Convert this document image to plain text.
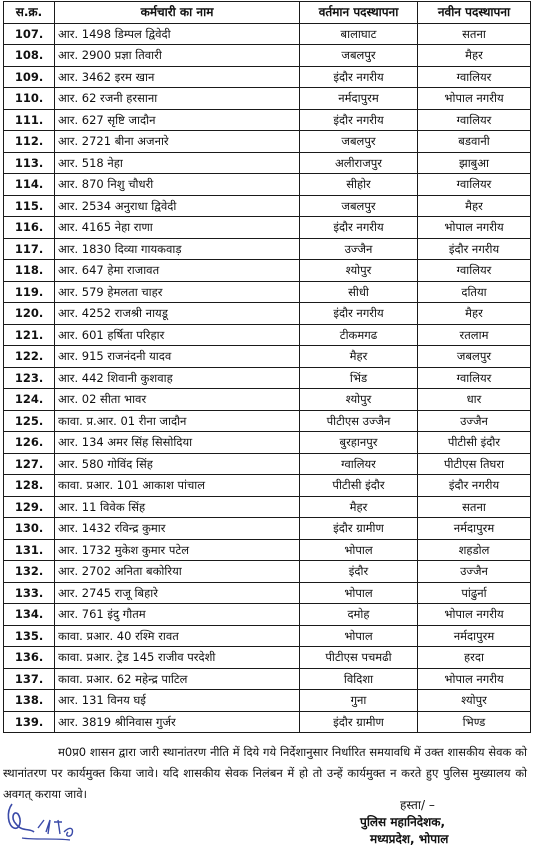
स.क्र.	कर्मचारी का नाम	वर्तमान पदस्थापना	नवीन पदस्थापना
107.	आर. 1498 डिम्पल द्विवेदी	बालाघाट	सतना
108.	आर. 2900 प्रज्ञा तिवारी	जबलपुर	मैहर
109.	आर. 3462 इरम खान	इंदौर नगरीय	ग्वालियर
110.	आर. 62 रजनी हरसाना	नर्मदापुरम	भोपाल नगरीय
111.	आर. 627 सृष्टि जादौन	इंदौर नगरीय	ग्वालियर
112.	आर. 2721 बीना अजनारे	जबलपुर	बडवानी
113.	आर. 518 नेहा	अलीराजपुर	झाबुआ
114.	आर. 870 निशु चौधरी	सीहोर	ग्वालियर
115.	आर. 2534 अनुराधा द्विवेदी	जबलपुर	मैहर
116.	आर. 4165 नेहा राणा	इंदौर नगरीय	भोपाल नगरीय
117.	आर. 1830 दिव्या गायकवाड़	उज्जैन	इंदौर नगरीय
118.	आर. 647 हेमा राजावत	श्योपुर	ग्वालियर
119.	आर. 579 हेमलता चाहर	सीधी	दतिया
120.	आर. 4252 राजश्री नायडू	इंदौर नगरीय	मैहर
121.	आर. 601 हर्षिता परिहार	टीकमगढ	रतलाम
122.	आर. 915 राजनंदनी यादव	मैहर	जबलपुर
123.	आर. 442 शिवानी कुशवाह	भिंड	ग्वालियर
124.	आर. 02 सीता भावर	श्योपुर	धार
125.	कावा. प्र.आर. 01 रीना जादौन	पीटीएस उज्जैन	उज्जैन
126.	आर. 134 अमर सिंह सिसोदिया	बुरहानपुर	पीटीसी इंदौर
127.	आर. 580 गोविंद सिंह	ग्वालियर	पीटीएस तिघरा
128.	कावा. प्रआर. 101 आकाश पांचाल	पीटीसी इंदौर	इंदौर नगरीय
129.	आर. 11 विवेक सिंह	मैहर	सतना
130.	आर. 1432 रविन्द्र कुमार	इंदौर ग्रामीण	नर्मदापुरम
131.	आर. 1732 मुकेश कुमार पटेल	भोपाल	शहडोल
132.	आर. 2702 अनिता बकोरिया	इंदौर	उज्जैन
133.	आर. 2745 राजू बिहारे	भोपाल	पांढुर्ना
134.	आर. 761 इंदु गौतम	दमोह	भोपाल नगरीय
135.	कावा. प्रआर. 40 रश्मि रावत	भोपाल	नर्मदापुरम
136.	कावा. प्रआर. ट्रेड 145 राजीव परदेशी	पीटीएस पचमढी	हरदा
137.	कावा. प्रआर. 62 महेन्द्र पाटिल	विदिशा	भोपाल नगरीय
138.	आर. 131 विनय घई	गुना	श्योपुर
139.	आर. 3819 श्रीनिवास गुर्जर	इंदौर ग्रामीण	भिण्ड

म0प्र0 शासन द्वारा जारी स्थानांतरण नीति में दिये गये निर्देशानुसार निर्धारित समयावधि में उक्त शासकीय सेवक को स्थानांतरण पर कार्यमुक्त किया जावे। यदि शासकीय सेवक निलंबन में हो तो उन्हें कार्यमुक्त न करते हुए पुलिस मुख्यालय को अवगत् कराया जावे।

हस्ता/ –
पुलिस महानिदेशक,
मध्यप्रदेश, भोपाल
